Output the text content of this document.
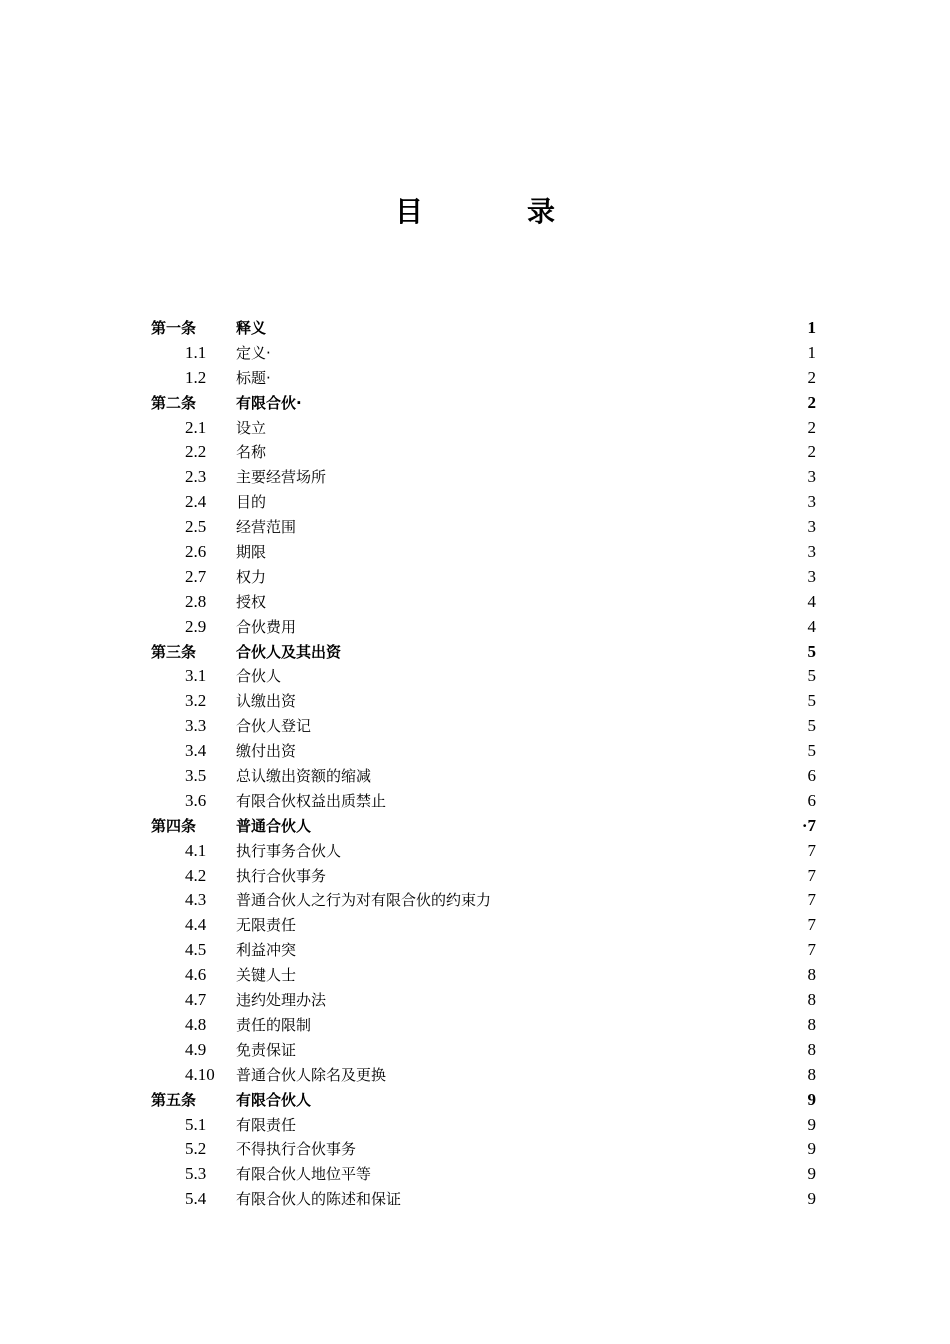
目　录
第一条	释义	1
1.1 定义·	1
1.2 标题·	2
第二条	有限合伙·	2
2.1 设立	2
2.2 名称	2
2.3 主要经营场所	3
2.4 目的	3
2.5 经营范围	3
2.6 期限	3
2.7 权力	3
2.8 授权	4
2.9 合伙费用	4
第三条	合伙人及其出资	5
3.1 合伙人	5
3.2 认缴出资	5
3.3 合伙人登记	5
3.4 缴付出资	5
3.5 总认缴出资额的缩减	6
3.6 有限合伙权益出质禁止	6
第四条	普通合伙人	·7
4.1 执行事务合伙人	7
4.2 执行合伙事务	7
4.3 普通合伙人之行为对有限合伙的约束力	7
4.4 无限责任	7
4.5 利益冲突	7
4.6 关键人士	8
4.7 违约处理办法	8
4.8 责任的限制	8
4.9 免责保证	8
4.10 普通合伙人除名及更换	8
第五条	有限合伙人	9
5.1 有限责任	9
5.2 不得执行合伙事务	9
5.3 有限合伙人地位平等	9
5.4 有限合伙人的陈述和保证	9
